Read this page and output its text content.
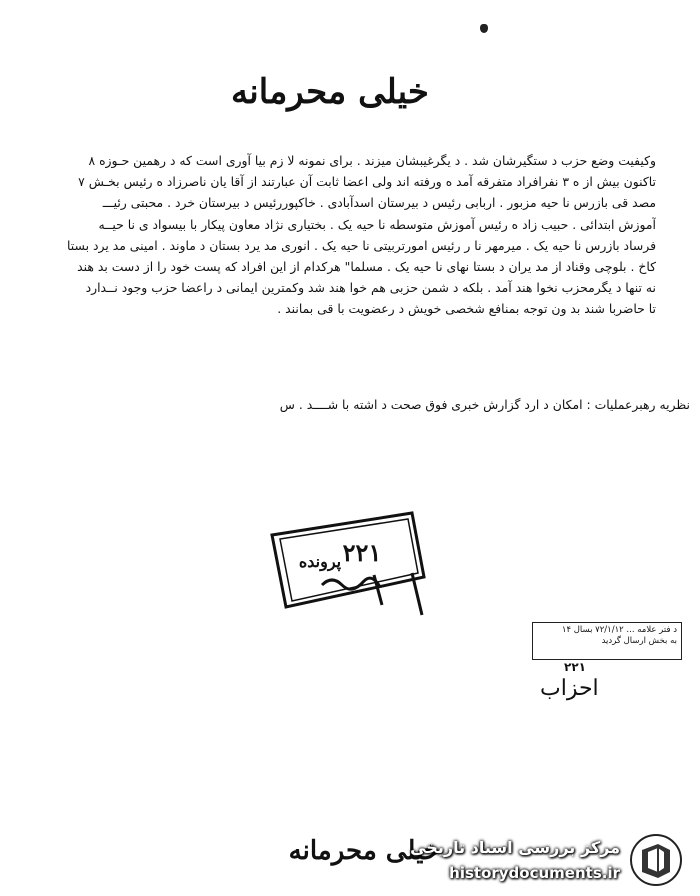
خیلی محرمانه
وکیفیت وضع حزب د ستگیرشان شد . د یگرغیبشان میزند . برای نمونه لا زم بیا آوری است که د رهمین حـوزه ۸
تاکنون بیش از ه ۳ نفرافراد متفرقه آمد ه ورفته اند ولی اعضا ثابت آن عبارتند از آقا یان ناصرزاد ه رئیس بخـش ۷
مصد قی بازرس نا حیه مزبور . اربابی رئیس د بیرستان اسدآبادی . خاکپوررئیس د بیرستان خرد . محبتی رئیـــ
آموزش ابتدائی . حبیب زاد ه رئیس آموزش متوسطه نا حیه یک . بختیاری نژاد معاون پیکار با بیسواد ی نا حیــه
فرساد بازرس نا حیه یک . میرمهر نا ر رئیس امورتربیتی نا حیه یک . انوری مد یرد بستان د ماوند . امینی مد یرد بستا
کاخ . بلوچی وقناد از مد یران د بستا نهای نا حیه یک . مسلما" هرکدام از این افراد که پست خود را از دست بد هند
نه تنها د یگرمحزب نخوا هند آمد . بلکه د شمن حزبی هم خوا هند شد وکمترین ایمانی د راعضا حزب وجود نــدارد
تا حاضربا شند بد ون توجه بمنافع شخصی خویش د رعضویت با قی بمانند .
نظریه رهبرعملیات : امکان د ارد گزارش خبری فوق صحت د اشته با شــــد . س
۲۲۱
پرونده
د فتر علامه ... ۷۲/۱/۱۲ بسال ۱۴
به بخش ارسال گردید
۲۲۱
احزاب
خیلی محرمانه
مرکز بررسی اسناد تاریخی
historydocuments.ir
